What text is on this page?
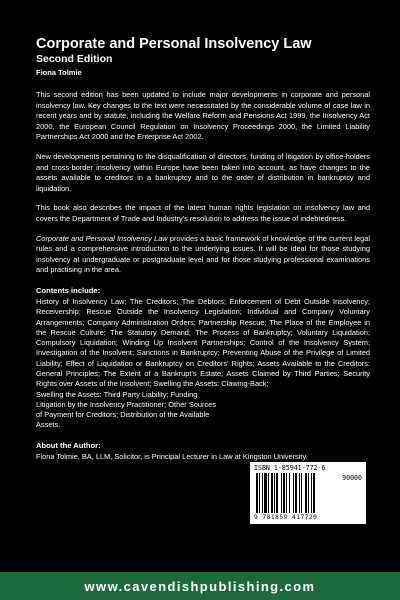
Corporate and Personal Insolvency Law
Second Edition
Fiona Tolmie

This second edition has been updated to include major developments in corporate and personal insolvency law. Key changes to the text were necessitated by the considerable volume of case law in recent years and by statute, including the Welfare Reform and Pensions Act 1999, the Insolvency Act 2000, the European Council Regulation on Insolvency Proceedings 2000, the Limited Liability Partnerships Act 2000 and the Enterprise Act 2002.

New developments pertaining to the disqualification of directors, funding of litigation by office-holders and cross-border insolvency within Europe have been taken into account, as have changes to the assets available to creditors in a bankruptcy and to the order of distribution in bankruptcy and liquidation.

This book also describes the impact of the latest human rights legislation on insolvency law and covers the Department of Trade and Industry's resolution to address the issue of indebtedness.

Corporate and Personal Insolvency Law provides a basic framework of knowledge of the current legal rules and a comprehensive introduction to the underlying issues. It will be ideal for those studying insolvency at undergraduate or postgraduate level and for those studying professional examinations and practising in the area.

Contents include:

History of Insolvency Law; The Creditors; The Debtors; Enforcement of Debt Outside Insolvency; Receivership; Rescue Outside the Insolvency Legislation; Individual and Company Voluntary Arrangements; Company Administration Orders; Partnership Rescue; The Place of the Employee in the Rescue Culture; The Statutory Demand; The Process of Bankruptcy; Voluntary Liquidation; Compulsory Liquidation; Winding Up Insolvent Partnerships; Control of the Insolvency System; Investigation of the Insolvent; Sanctions in Bankruptcy; Preventing Abuse of the Privilege of Limited Liability; Effect of Liquidation or Bankruptcy on Creditors' Rights; Assets Available to the Creditors: General Principles; The Extent of a Bankrupt's Estate; Assets Claimed by Third Parties; Security Rights over Assets of the Insolvent; Swelling the Assets: Clawing-Back;

Swelling the Assets: Third Party Liability; Funding Litigation by the Insolvency Practitioner; Other Sources of Payment for Creditors; Distribution of the Available Assets.

About the Author:

Fiona Tolmie, BA, LLM, Solicitor, is Principal Lecturer in Law at Kingston University.

ISBN 1-85941-772-6
90000
9 781859 417720
www.cavendishpublishing.com
